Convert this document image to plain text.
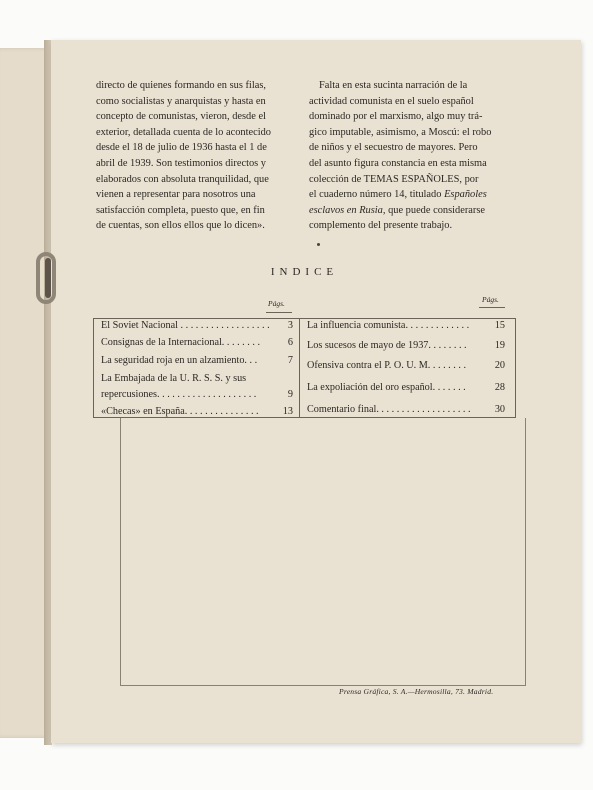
directo de quienes formando en sus filas,
como socialistas y anarquistas y hasta en
concepto de comunistas, vieron, desde el
exterior, detallada cuenta de lo acontecido
desde el 18 de julio de 1936 hasta el 1 de
abril de 1939. Son testimonios directos y
elaborados con absoluta tranquilidad, que
vienen a representar para nosotros una
satisfacción completa, puesto que, en fin
de cuentas, son ellos ellos que lo dicen».
Falta en esta sucinta narración de la
actividad comunista en el suelo español
dominado por el marxismo, algo muy trá-
gico imputable, asimismo, a Moscú: el robo
de niños y el secuestro de mayores. Pero
del asunto figura constancia en esta misma
colección de TEMAS ESPAÑOLES, por
el cuaderno número 14, titulado Españoles
esclavos en Rusia, que puede considerarse
complemento del presente trabajo.
INDICE
Págs.	Págs.
El Soviet Nacional . . . . . . . . . . . . . . . . . .	3
Consignas de la Internacional. . . . . . . .	6
La seguridad roja en un alzamiento. . .	7
La Embajada de la U. R. S. S. y sus
repercusiones. . . . . . . . . . . . . . . . . . . .	9
«Checas» en España. . . . . . . . . . . . . . .	13
La influencia comunista. . . . . . . . . . . . .	15
Los sucesos de mayo de 1937. . . . . . . .	19
Ofensiva contra el P. O. U. M. . . . . . . .	20
La expoliación del oro español. . . . . . .	28
Comentario final. . . . . . . . . . . . . . . . . . .	30
Prensa Gráfica, S. A.—Hermosilla, 73. Madrid.
